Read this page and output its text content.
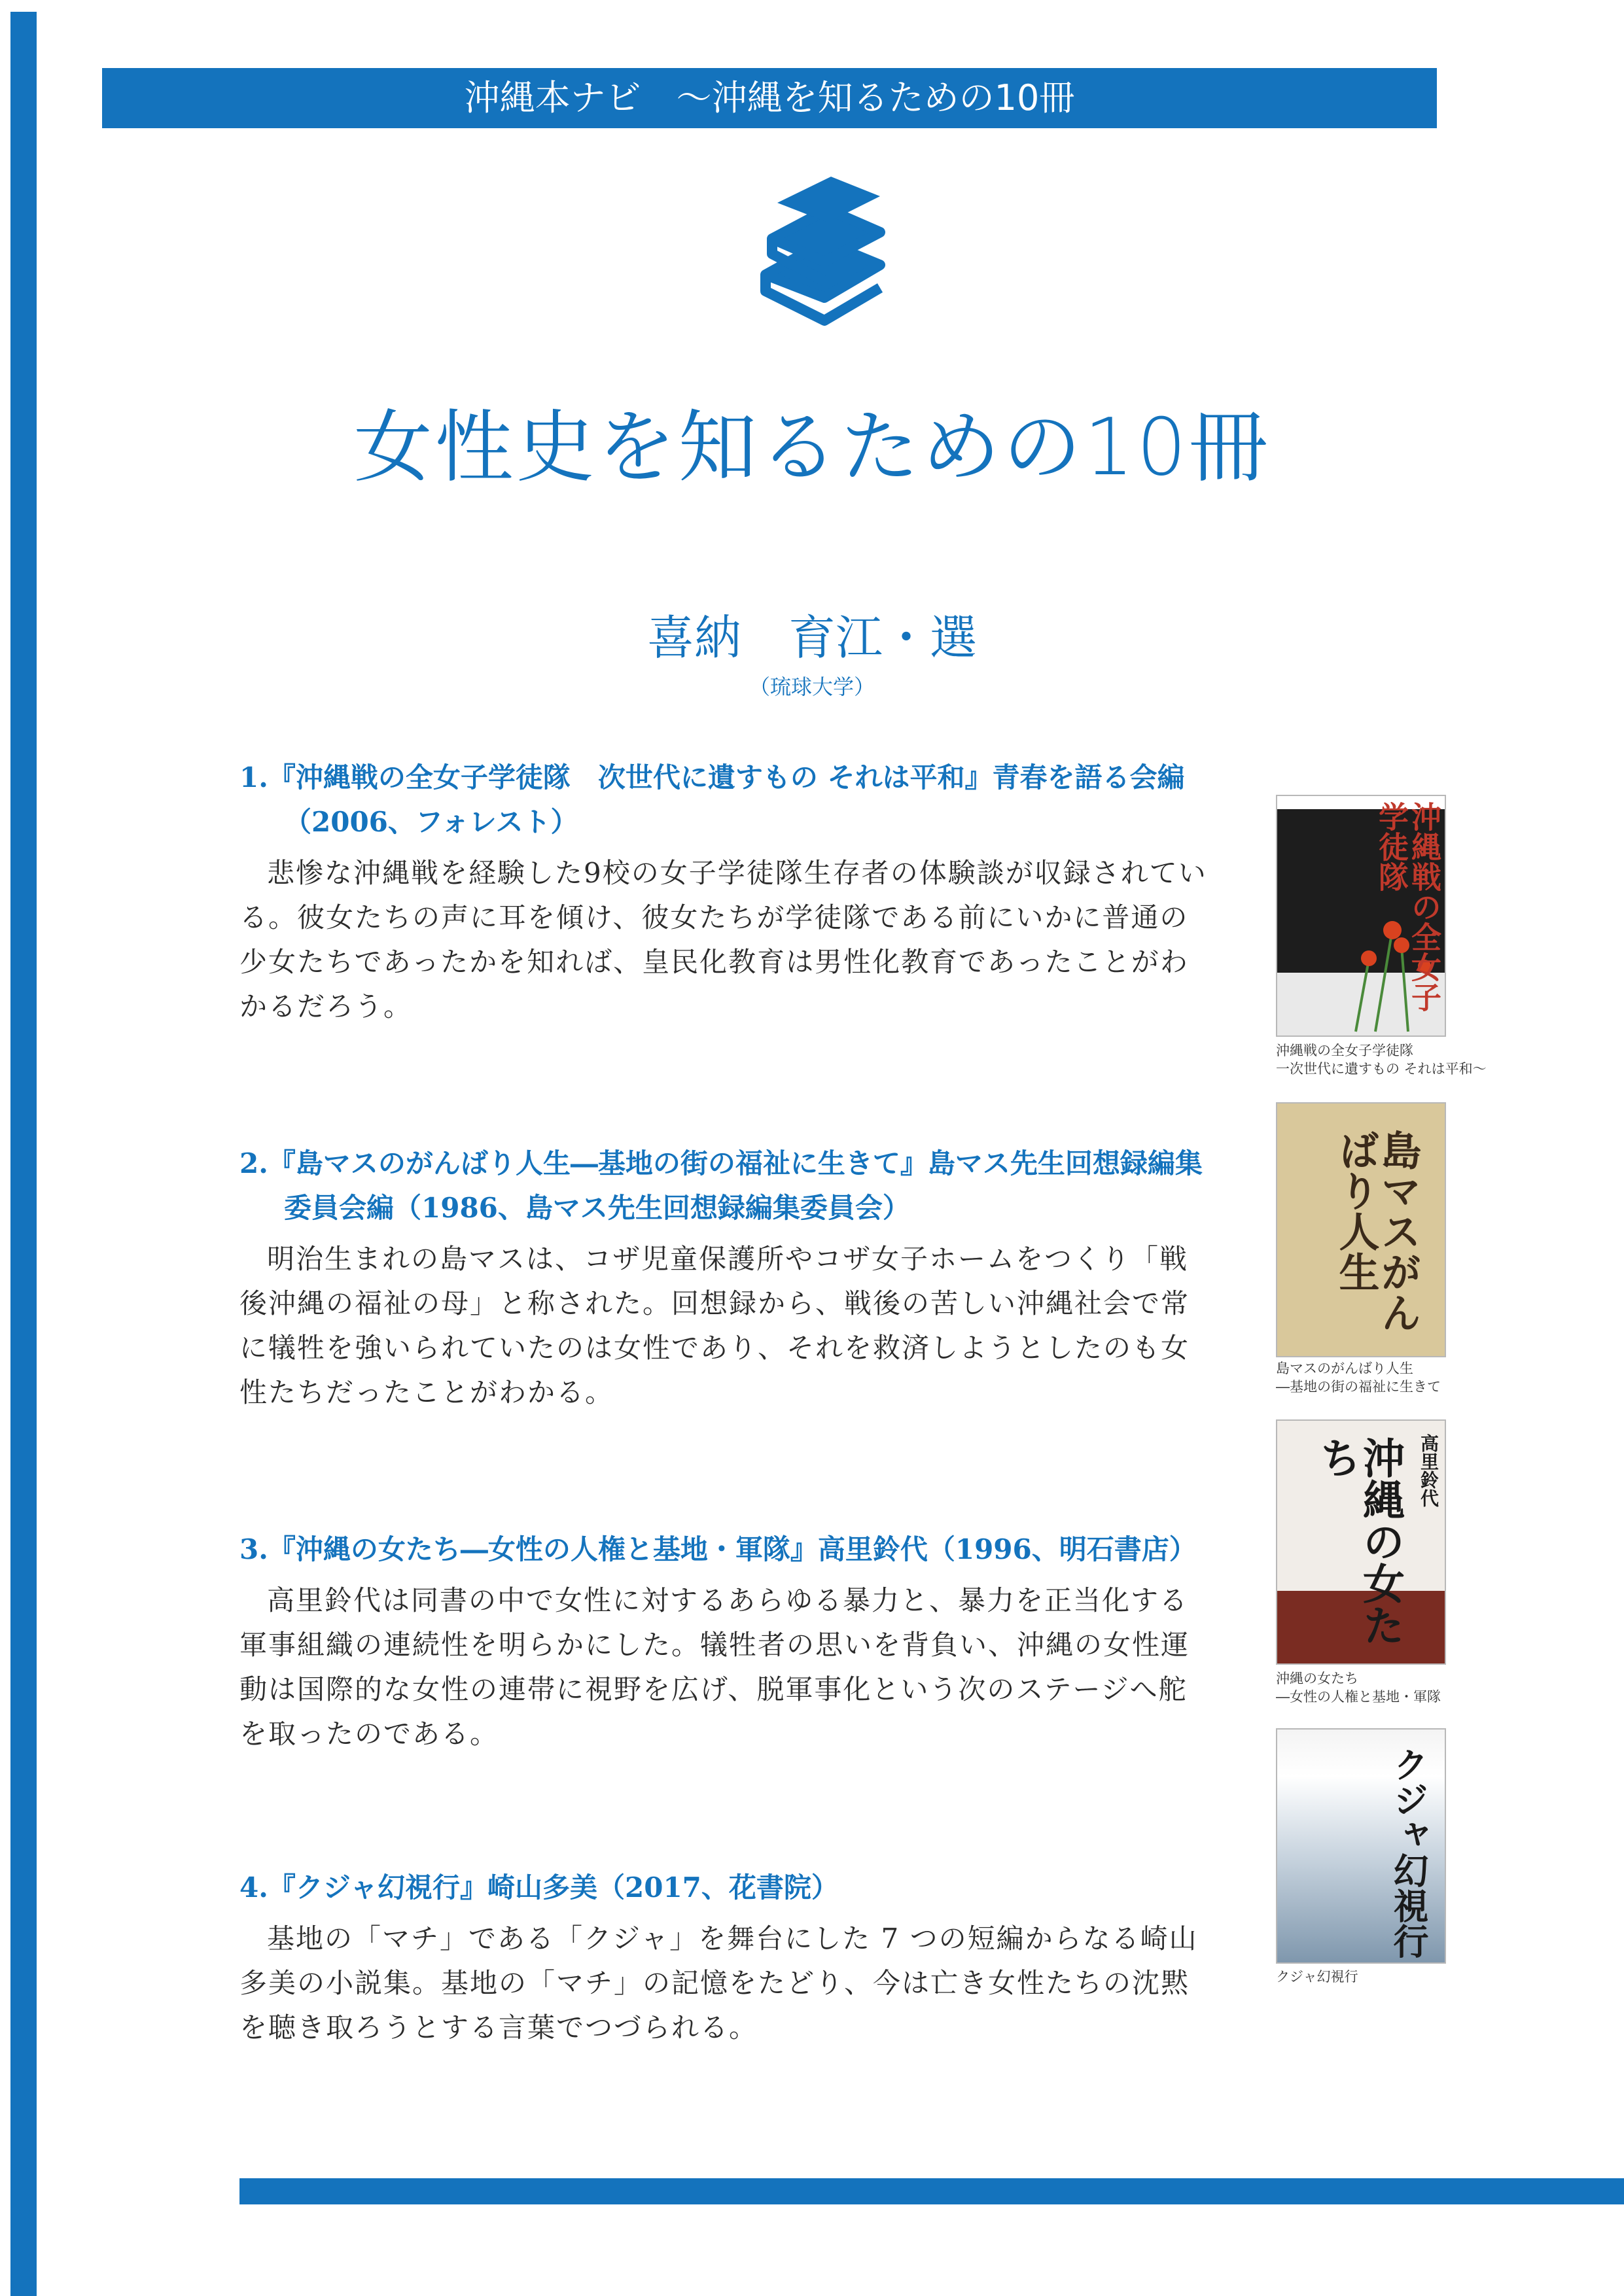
沖縄本ナビ　～沖縄を知るための10冊
女性史を知るための10冊
喜納　育江・選
（琉球大学）
1.『沖縄戦の全女子学徒隊　次世代に遺すもの それは平和』青春を語る会編（2006、フォレスト）
悲惨な沖縄戦を経験した9校の女子学徒隊生存者の体験談が収録されている。彼女たちの声に耳を傾け、彼女たちが学徒隊である前にいかに普通の少女たちであったかを知れば、皇民化教育は男性化教育であったことがわかるだろう。
2.『島マスのがんばり人生―基地の街の福祉に生きて』島マス先生回想録編集委員会編（1986、島マス先生回想録編集委員会）
明治生まれの島マスは、コザ児童保護所やコザ女子ホームをつくり「戦後沖縄の福祉の母」と称された。回想録から、戦後の苦しい沖縄社会で常に犠牲を強いられていたのは女性であり、それを救済しようとしたのも女性たちだったことがわかる。
3.『沖縄の女たち―女性の人権と基地・軍隊』高里鈴代（1996、明石書店）
高里鈴代は同書の中で女性に対するあらゆる暴力と、暴力を正当化する軍事組織の連続性を明らかにした。犠牲者の思いを背負い、沖縄の女性運動は国際的な女性の連帯に視野を広げ、脱軍事化という次のステージへ舵を取ったのである。
4.『クジャ幻視行』崎山多美（2017、花書院）
基地の「マチ」である「クジャ」を舞台にした 7 つの短編からなる崎山多美の小説集。基地の「マチ」の記憶をたどり、今は亡き女性たちの沈黙を聴き取ろうとする言葉でつづられる。
沖縄戦の全女子学徒隊
沖縄戦の全女子学徒隊
一次世代に遺すもの それは平和～
島マスがんばり人生
島マスのがんばり人生
―基地の街の福祉に生きて
沖縄の女たち	高里鈴代
沖縄の女たち
―女性の人権と基地・軍隊
クジャ幻視行
クジャ幻視行
